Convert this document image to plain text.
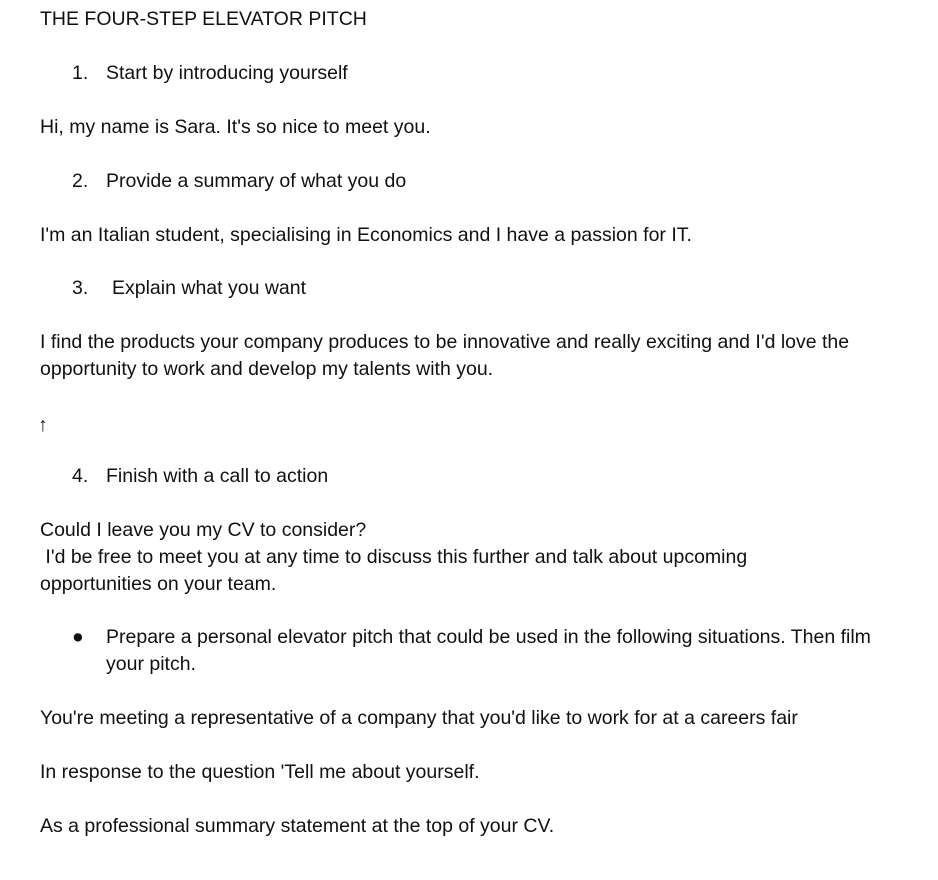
THE FOUR-STEP ELEVATOR PITCH
1. Start by introducing yourself
Hi, my name is Sara. It's so nice to meet you.
2. Provide a summary of what you do
I'm an Italian student, specialising in Economics and I have a passion for IT.
3. Explain what you want
I find the products your company produces to be innovative and really exciting and I'd love the opportunity to work and develop my talents with you.
↑
4. Finish with a call to action
Could I leave you my CV to consider?
I'd be free to meet you at any time to discuss this further and talk about upcoming opportunities on your team.
●	Prepare a personal elevator pitch that could be used in the following situations. Then film your pitch.
You're meeting a representative of a company that you'd like to work for at a careers fair
In response to the question 'Tell me about yourself.
As a professional summary statement at the top of your CV.
